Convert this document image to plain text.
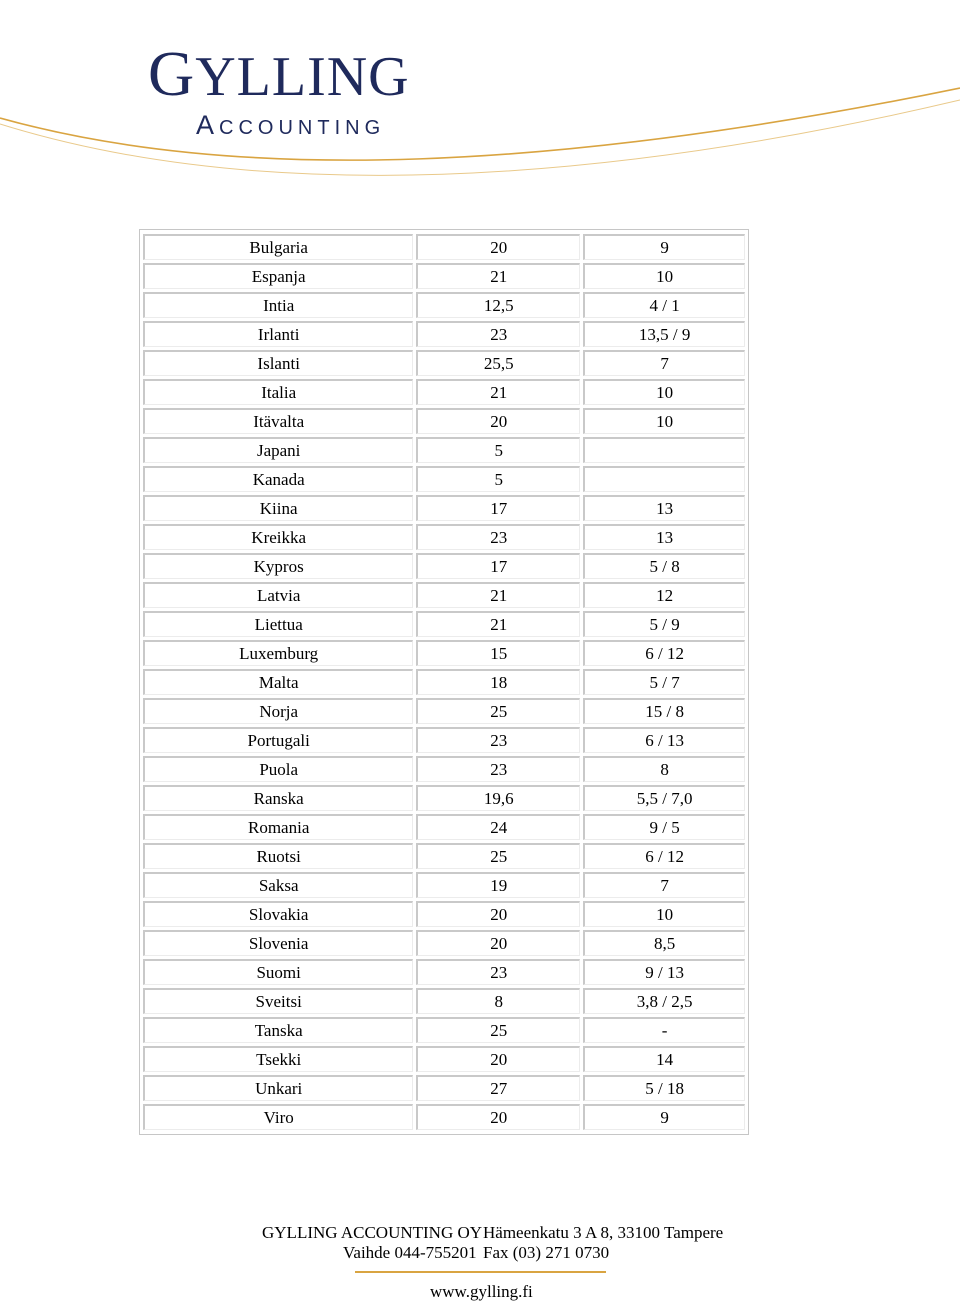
GYLLING
ACCOUNTING
Bulgaria	20	9
Espanja	21	10
Intia	12,5	4 / 1
Irlanti	23	13,5 / 9
Islanti	25,5	7
Italia	21	10
Itävalta	20	10
Japani	5	
Kanada	5	
Kiina	17	13
Kreikka	23	13
Kypros	17	5 / 8
Latvia	21	12
Liettua	21	5 / 9
Luxemburg	15	6 / 12
Malta	18	5 / 7
Norja	25	15 / 8
Portugali	23	6 / 13
Puola	23	8
Ranska	19,6	5,5 / 7,0
Romania	24	9 / 5
Ruotsi	25	6 / 12
Saksa	19	7
Slovakia	20	10
Slovenia	20	8,5
Suomi	23	9 / 13
Sveitsi	8	3,8 / 2,5
Tanska	25	-
Tsekki	20	14
Unkari	27	5 / 18
Viro	20	9
GYLLING ACCOUNTING OY Hämeenkatu 3 A 8, 33100 Tampere
Vaihde 044-755201 Fax (03) 271 0730
www.gylling.fi
